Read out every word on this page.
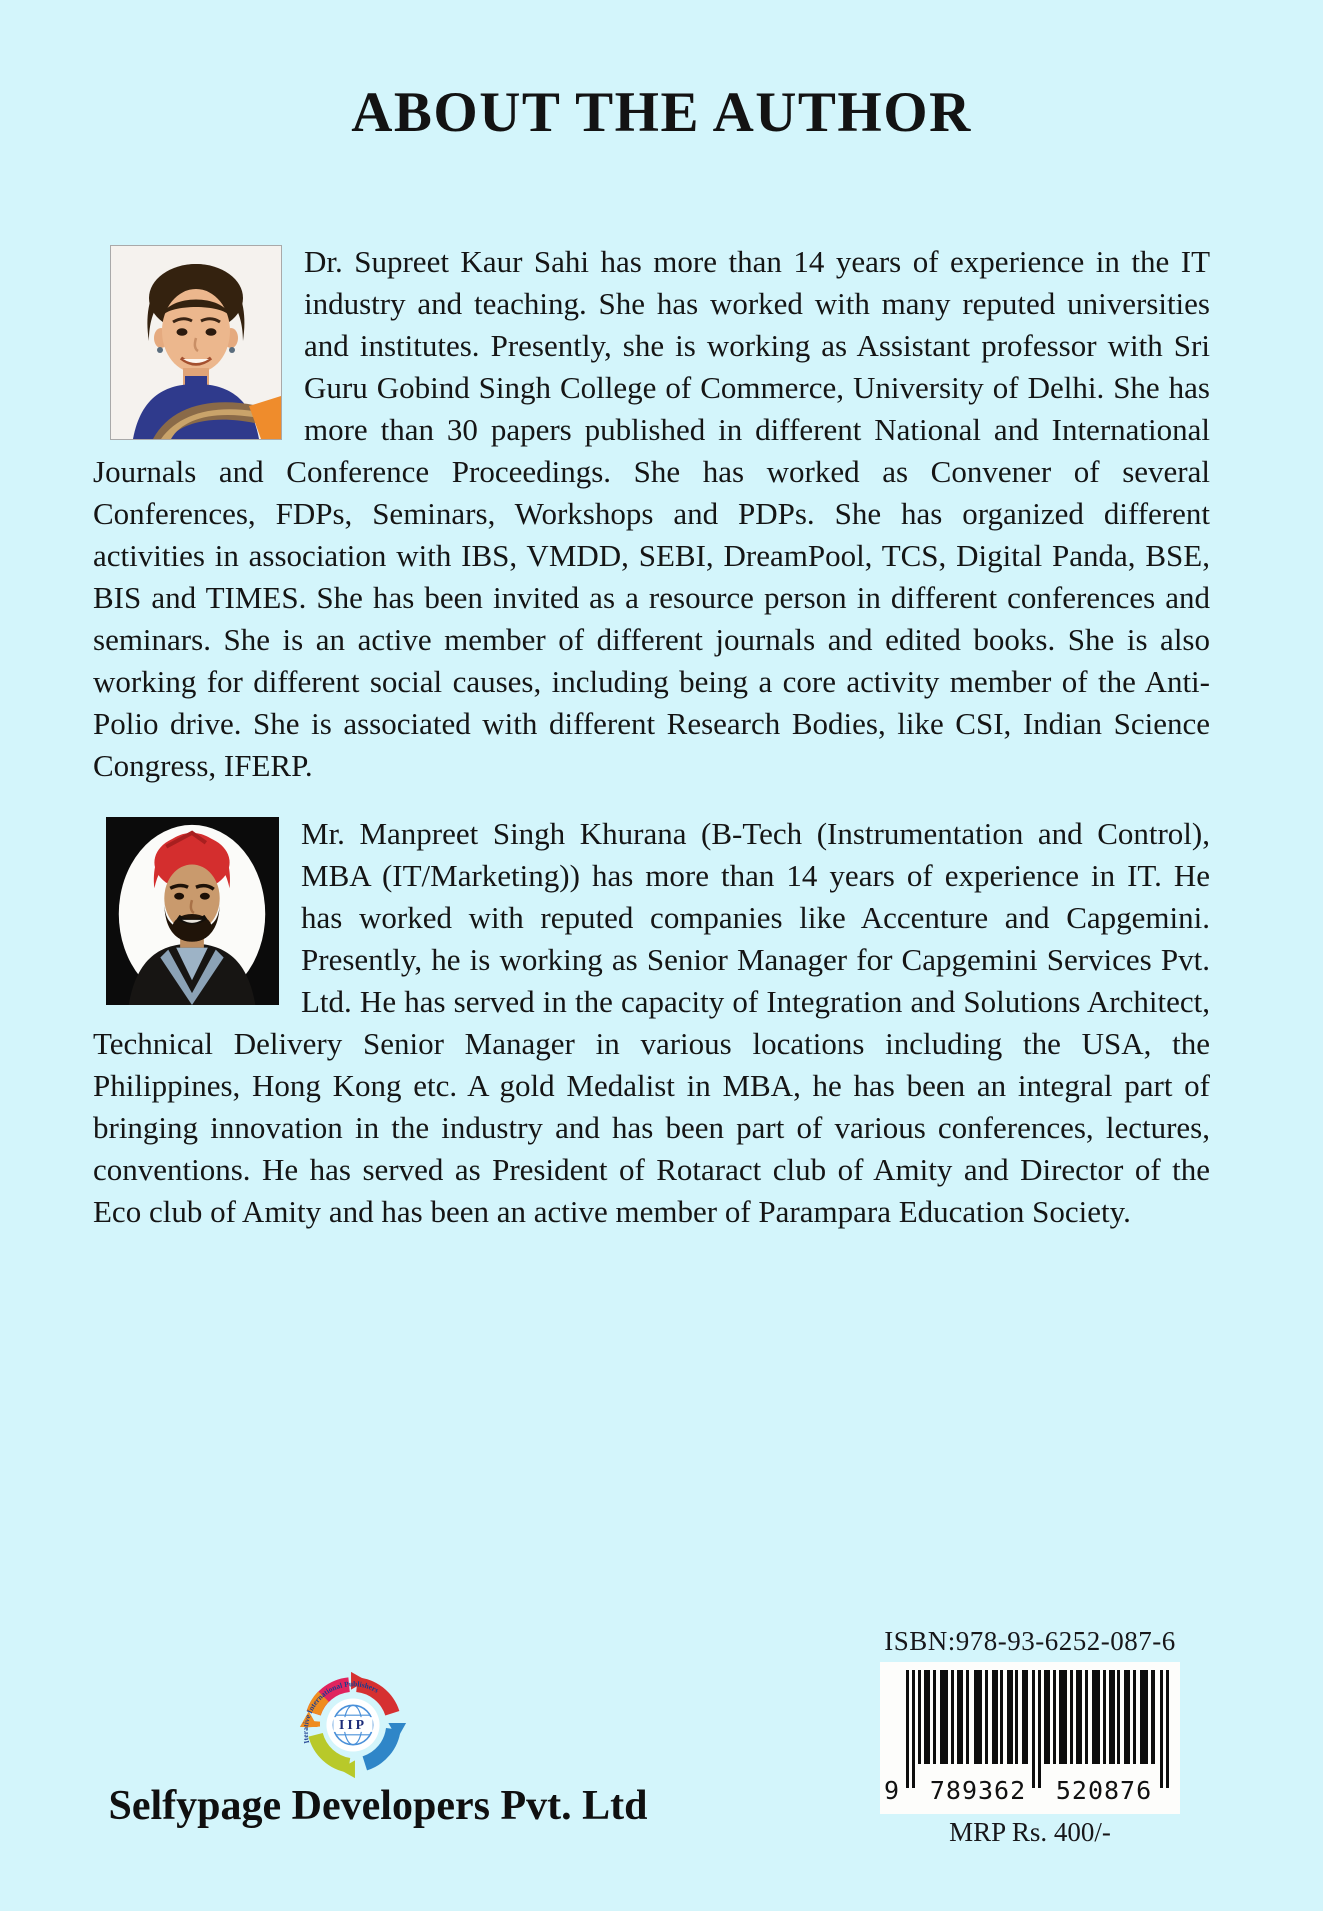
ABOUT THE AUTHOR

Dr. Supreet Kaur Sahi has more than 14 years of experience in the IT industry and teaching. She has worked with many reputed universities and institutes. Presently, she is working as Assistant professor with Sri Guru Gobind Singh College of Commerce, University of Delhi. She has more than 30 papers published in different National and International Journals and Conference Proceedings. She has worked as Convener of several Conferences, FDPs, Seminars, Workshops and PDPs. She has organized different activities in association with IBS, VMDD, SEBI, DreamPool, TCS, Digital Panda, BSE, BIS and TIMES. She has been invited as a resource person in different conferences and seminars. She is an active member of different journals and edited books. She is also working for different social causes, including being a core activity member of the Anti-Polio drive. She is associated with different Research Bodies, like CSI, Indian Science Congress, IFERP.

Mr. Manpreet Singh Khurana (B-Tech (Instrumentation and Control), MBA (IT/Marketing)) has more than 14 years of experience in IT. He has worked with reputed companies like Accenture and Capgemini. Presently, he is working as Senior Manager for Capgemini Services Pvt. Ltd. He has served in the capacity of Integration and Solutions Architect, Technical Delivery Senior Manager in various locations including the USA, the Philippines, Hong Kong etc. A gold Medalist in MBA, he has been an integral part of bringing innovation in the industry and has been part of various conferences, lectures, conventions. He has served as President of Rotaract club of Amity and Director of the Eco club of Amity and has been an active member of Parampara Education Society.

IIP
Iterative International Publishers
Selfypage Developers Pvt. Ltd
ISBN:978-93-6252-087-6
9 789362 520876
MRP Rs. 400/-
